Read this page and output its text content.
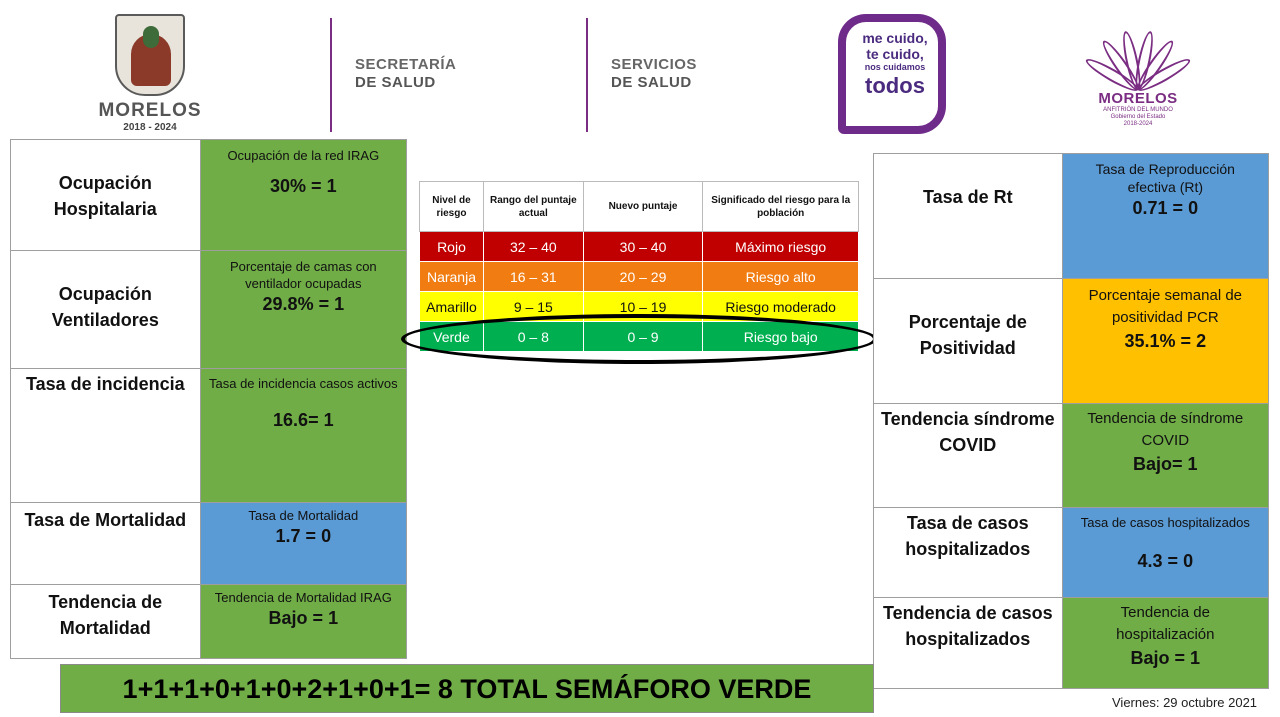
MORELOS
2018 - 2024
SECRETARÍA
DE SALUD
SERVICIOS
DE SALUD
me cuido,
te cuido,
nos cuidamos
todos
MORELOS
ANFITRIÓN DEL MUNDO
Gobierno del Estado
2018-2024
Ocupación Hospitalaria	Ocupación de la red IRAG
30% = 1

Ocupación Ventiladores	Porcentaje de camas con ventilador ocupadas
29.8% = 1

Tasa de incidencia	Tasa de incidencia casos activos
16.6= 1

Tasa de Mortalidad	Tasa de Mortalidad
1.7 = 0

Tendencia de Mortalidad	Tendencia de Mortalidad IRAG
Bajo = 1
Nivel de riesgo	Rango del puntaje actual	Nuevo puntaje	Significado del riesgo para la población
Rojo	32 – 40	30 – 40	Máximo riesgo
Naranja	16 – 31	20 – 29	Riesgo alto
Amarillo	9 – 15	10 – 19	Riesgo moderado
Verde	0 – 8	0 – 9	Riesgo bajo
Tasa de Rt	Tasa de Reproducción efectiva (Rt)
0.71 = 0

Porcentaje de Positividad	Porcentaje semanal de positividad PCR
35.1% = 2

Tendencia síndrome COVID	Tendencia de síndrome COVID
Bajo= 1

Tasa de casos hospitalizados	Tasa de casos hospitalizados
4.3 = 0

Tendencia de casos hospitalizados	Tendencia de hospitalización
Bajo = 1
1+1+1+0+1+0+2+1+0+1= 8 TOTAL SEMÁFORO VERDE	Viernes: 29 octubre 2021
